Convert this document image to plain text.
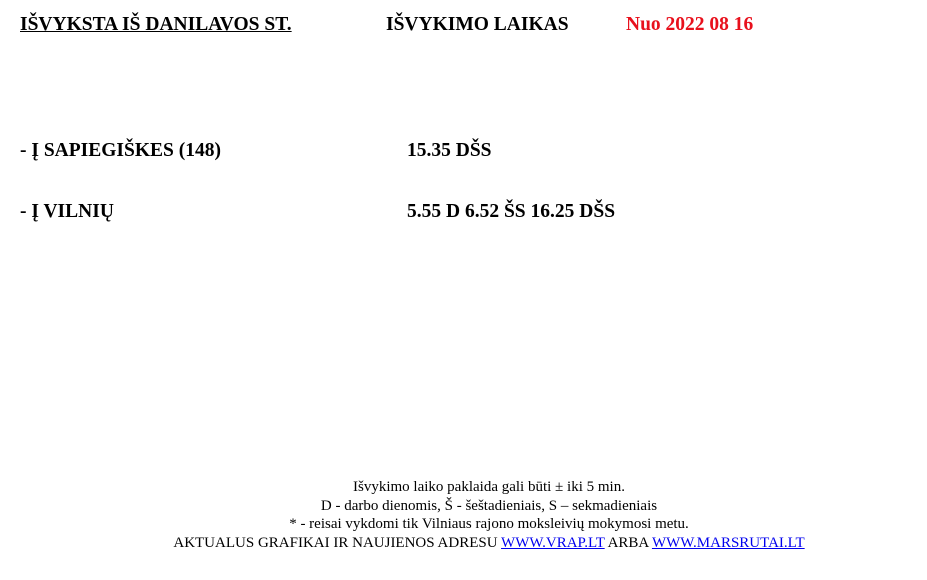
IŠVYKSTA IŠ DANILAVOS ST.	IŠVYKIMO LAIKAS	Nuo 2022 08 16
- Į SAPIEGIŠKES (148)	15.35 DŠS
- Į VILNIŲ	5.55 D 6.52 ŠS 16.25 DŠS
Išvykimo laiko paklaida gali būti ± iki 5 min.
D - darbo dienomis, Š - šeštadieniais, S – sekmadieniais
* - reisai vykdomi tik Vilniaus rajono moksleivių mokymosi metu.
AKTUALUS GRAFIKAI IR NAUJIENOS ADRESU WWW.VRAP.LT ARBA WWW.MARSRUTAI.LT
